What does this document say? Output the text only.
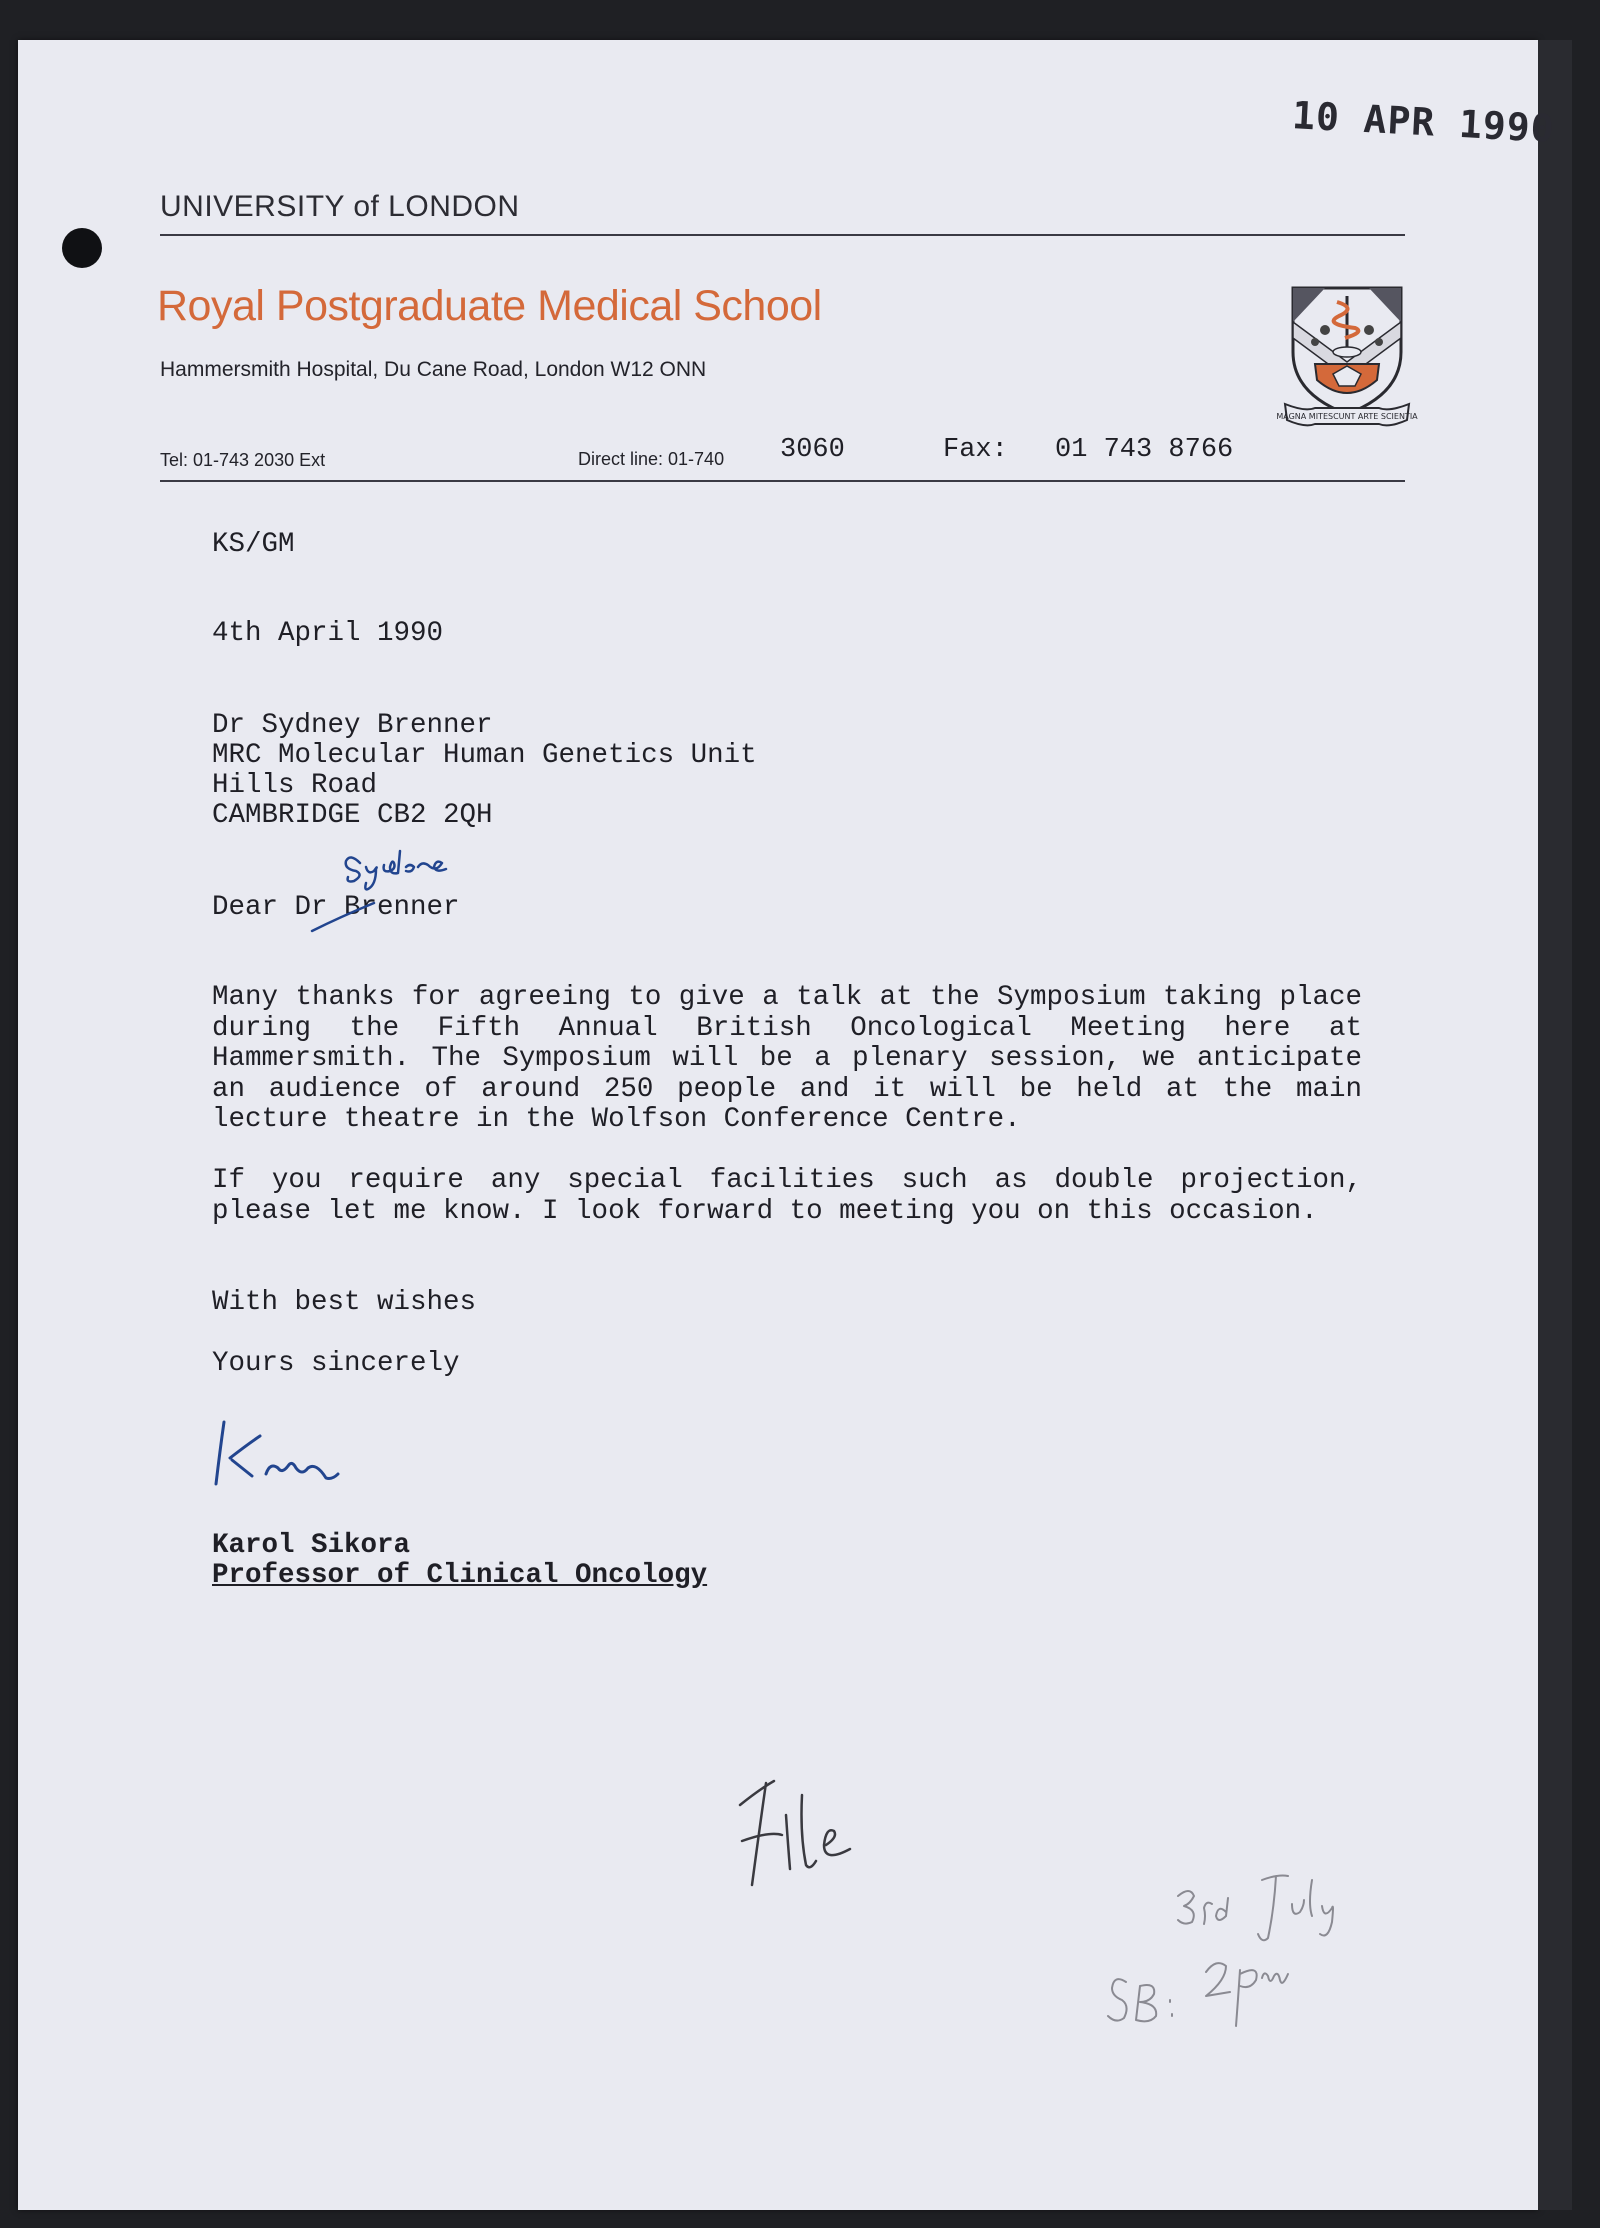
10 APR 1990
UNIVERSITY of LONDON
Royal Postgraduate Medical School
Hammersmith Hospital, Du Cane Road, London W12 ONN
MAGNA MITESCUNT ARTE SCIENTIA
Tel: 01-743 2030 Ext	Direct line: 01-740 3060	Fax: 01 743 8766
KS/GM
4th April 1990
Dr Sydney Brenner
MRC Molecular Human Genetics Unit
Hills Road
CAMBRIDGE CB2 2QH
Dear Dr Brenner
Many thanks for agreeing to give a talk at the Symposium taking place during the Fifth Annual British Oncological Meeting here at Hammersmith. The Symposium will be a plenary session, we anticipate an audience of around 250 people and it will be held at the main lecture theatre in the Wolfson Conference Centre.
If you require any special facilities such as double projection, please let me know. I look forward to meeting you on this occasion.
With best wishes
Yours sincerely
Karol Sikora
Professor of Clinical Oncology
